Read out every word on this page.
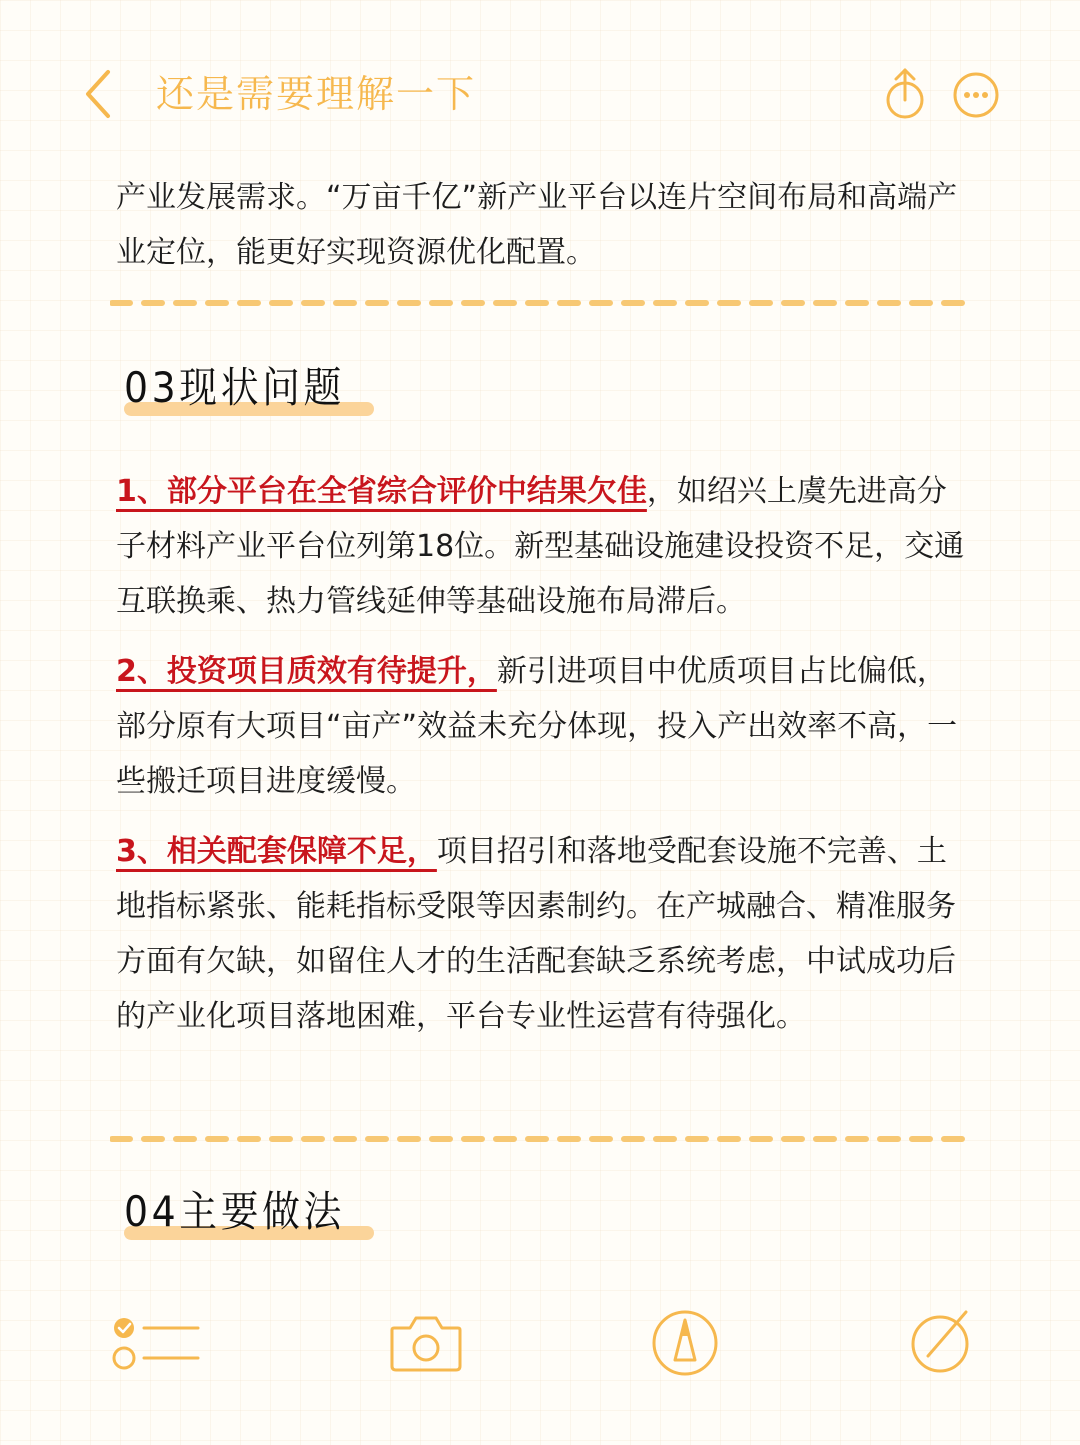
还是需要理解一下

产业发展需求。“万亩千亿”新产业平台以连片空间布局和高端产业定位，能更好实现资源优化配置。

03现状问题

1、部分平台在全省综合评价中结果欠佳，如绍兴上虞先进高分子材料产业平台位列第18位。新型基础设施建设投资不足，交通互联换乘、热力管线延伸等基础设施布局滞后。

2、投资项目质效有待提升，新引进项目中优质项目占比偏低，部分原有大项目“亩产”效益未充分体现，投入产出效率不高，一些搬迁项目进度缓慢。

3、相关配套保障不足，项目招引和落地受配套设施不完善、土地指标紧张、能耗指标受限等因素制约。在产城融合、精准服务方面有欠缺，如留住人才的生活配套缺乏系统考虑，中试成功后的产业化项目落地困难，平台专业性运营有待强化。

04主要做法
